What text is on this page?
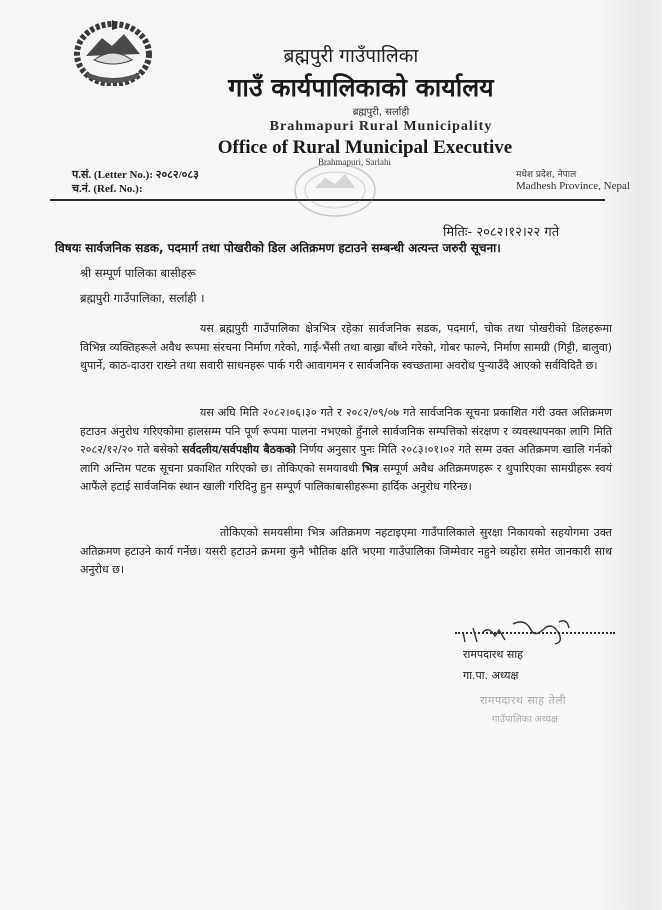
ब्रह्मपुरी गाउँपालिका
गाउँ कार्यपालिकाको कार्यालय
ब्रह्मपुरी, सर्लाही
Brahmapuri Rural Municipality
Office of Rural Municipal Executive
Brahmapuri, Sarlahi
प.सं. (Letter No.): २०८२/०८३
च.नं. (Ref. No.):
मधेश प्रदेश, नेपाल
Madhesh Province, Nepal
मितिः- २०८२।१२।२२ गते
विषयः सार्वजनिक सडक, पदमार्ग तथा पोखरीको डिल अतिक्रमण हटाउने सम्बन्धी अत्यन्त जरुरी सूचना।
श्री सम्पूर्ण पालिका बासीहरू
ब्रह्मपुरी गाउँपालिका, सर्लाही ।
यस ब्रह्मपुरी गाउँपालिका क्षेत्रभित्र रहेका सार्वजनिक सडक, पदमार्ग, चोक तथा पोखरीको डिलहरूमा विभिन्न व्यक्तिहरूले अवैध रूपमा संरचना निर्माण गरेको, गाई-भैंसी तथा बाख्रा बाँध्ने गरेको, गोबर फाल्ने, निर्माण सामग्री (गिट्टी, बालुवा) थुपार्ने, काठ-दाउरा राख्ने तथा सवारी साधनहरू पार्क गरी आवागमन र सार्वजनिक स्वच्छतामा अवरोध पुऱ्याउँदै आएको सर्वविदितै छ।
यस अघि मिति २०८२।०६।३० गते र २०८२/०९/०७ गते सार्वजनिक सूचना प्रकाशित गरी उक्त अतिक्रमण हटाउन अनुरोध गरिएकोमा हालसम्म पनि पूर्ण रूपमा पालना नभएको हुँनाले सार्वजनिक सम्पत्तिको संरक्षण र व्यवस्थापनका लागि मिति २०८२/१२/२० गते बसेको सर्वदलीय/सर्वपक्षीय बैठकको निर्णय अनुसार पुनः मिति २०८३।०१।०२ गते सम्म उक्त अतिक्रमण खालि गर्नको लागि अन्तिम पटक सूचना प्रकाशित गरिएको छ। तोकिएको समयावधी भित्र सम्पूर्ण अवैध अतिक्रमणहरू र थुपारिएका सामग्रीहरू स्वयं आफैंले हटाई सार्वजनिक स्थान खाली गरिदिनु हुन सम्पूर्ण पालिकाबासीहरूमा हार्दिक अनुरोध गरिन्छ।
तोकिएको समयसीमा भित्र अतिक्रमण नहटाइएमा गाउँपालिकाले सुरक्षा निकायको सहयोगमा उक्त अतिक्रमण हटाउने कार्य गर्नेछ। यसरी हटाउने क्रममा कुनै भौतिक क्षति भएमा गाउँपालिका जिम्मेवार नहुने व्यहोरा समेत जानकारी साथ अनुरोध छ।
रामपदारथ साह
गा.पा. अध्यक्ष
रामपदारथ साह तेली
गाउँपालिका अध्यक्ष
